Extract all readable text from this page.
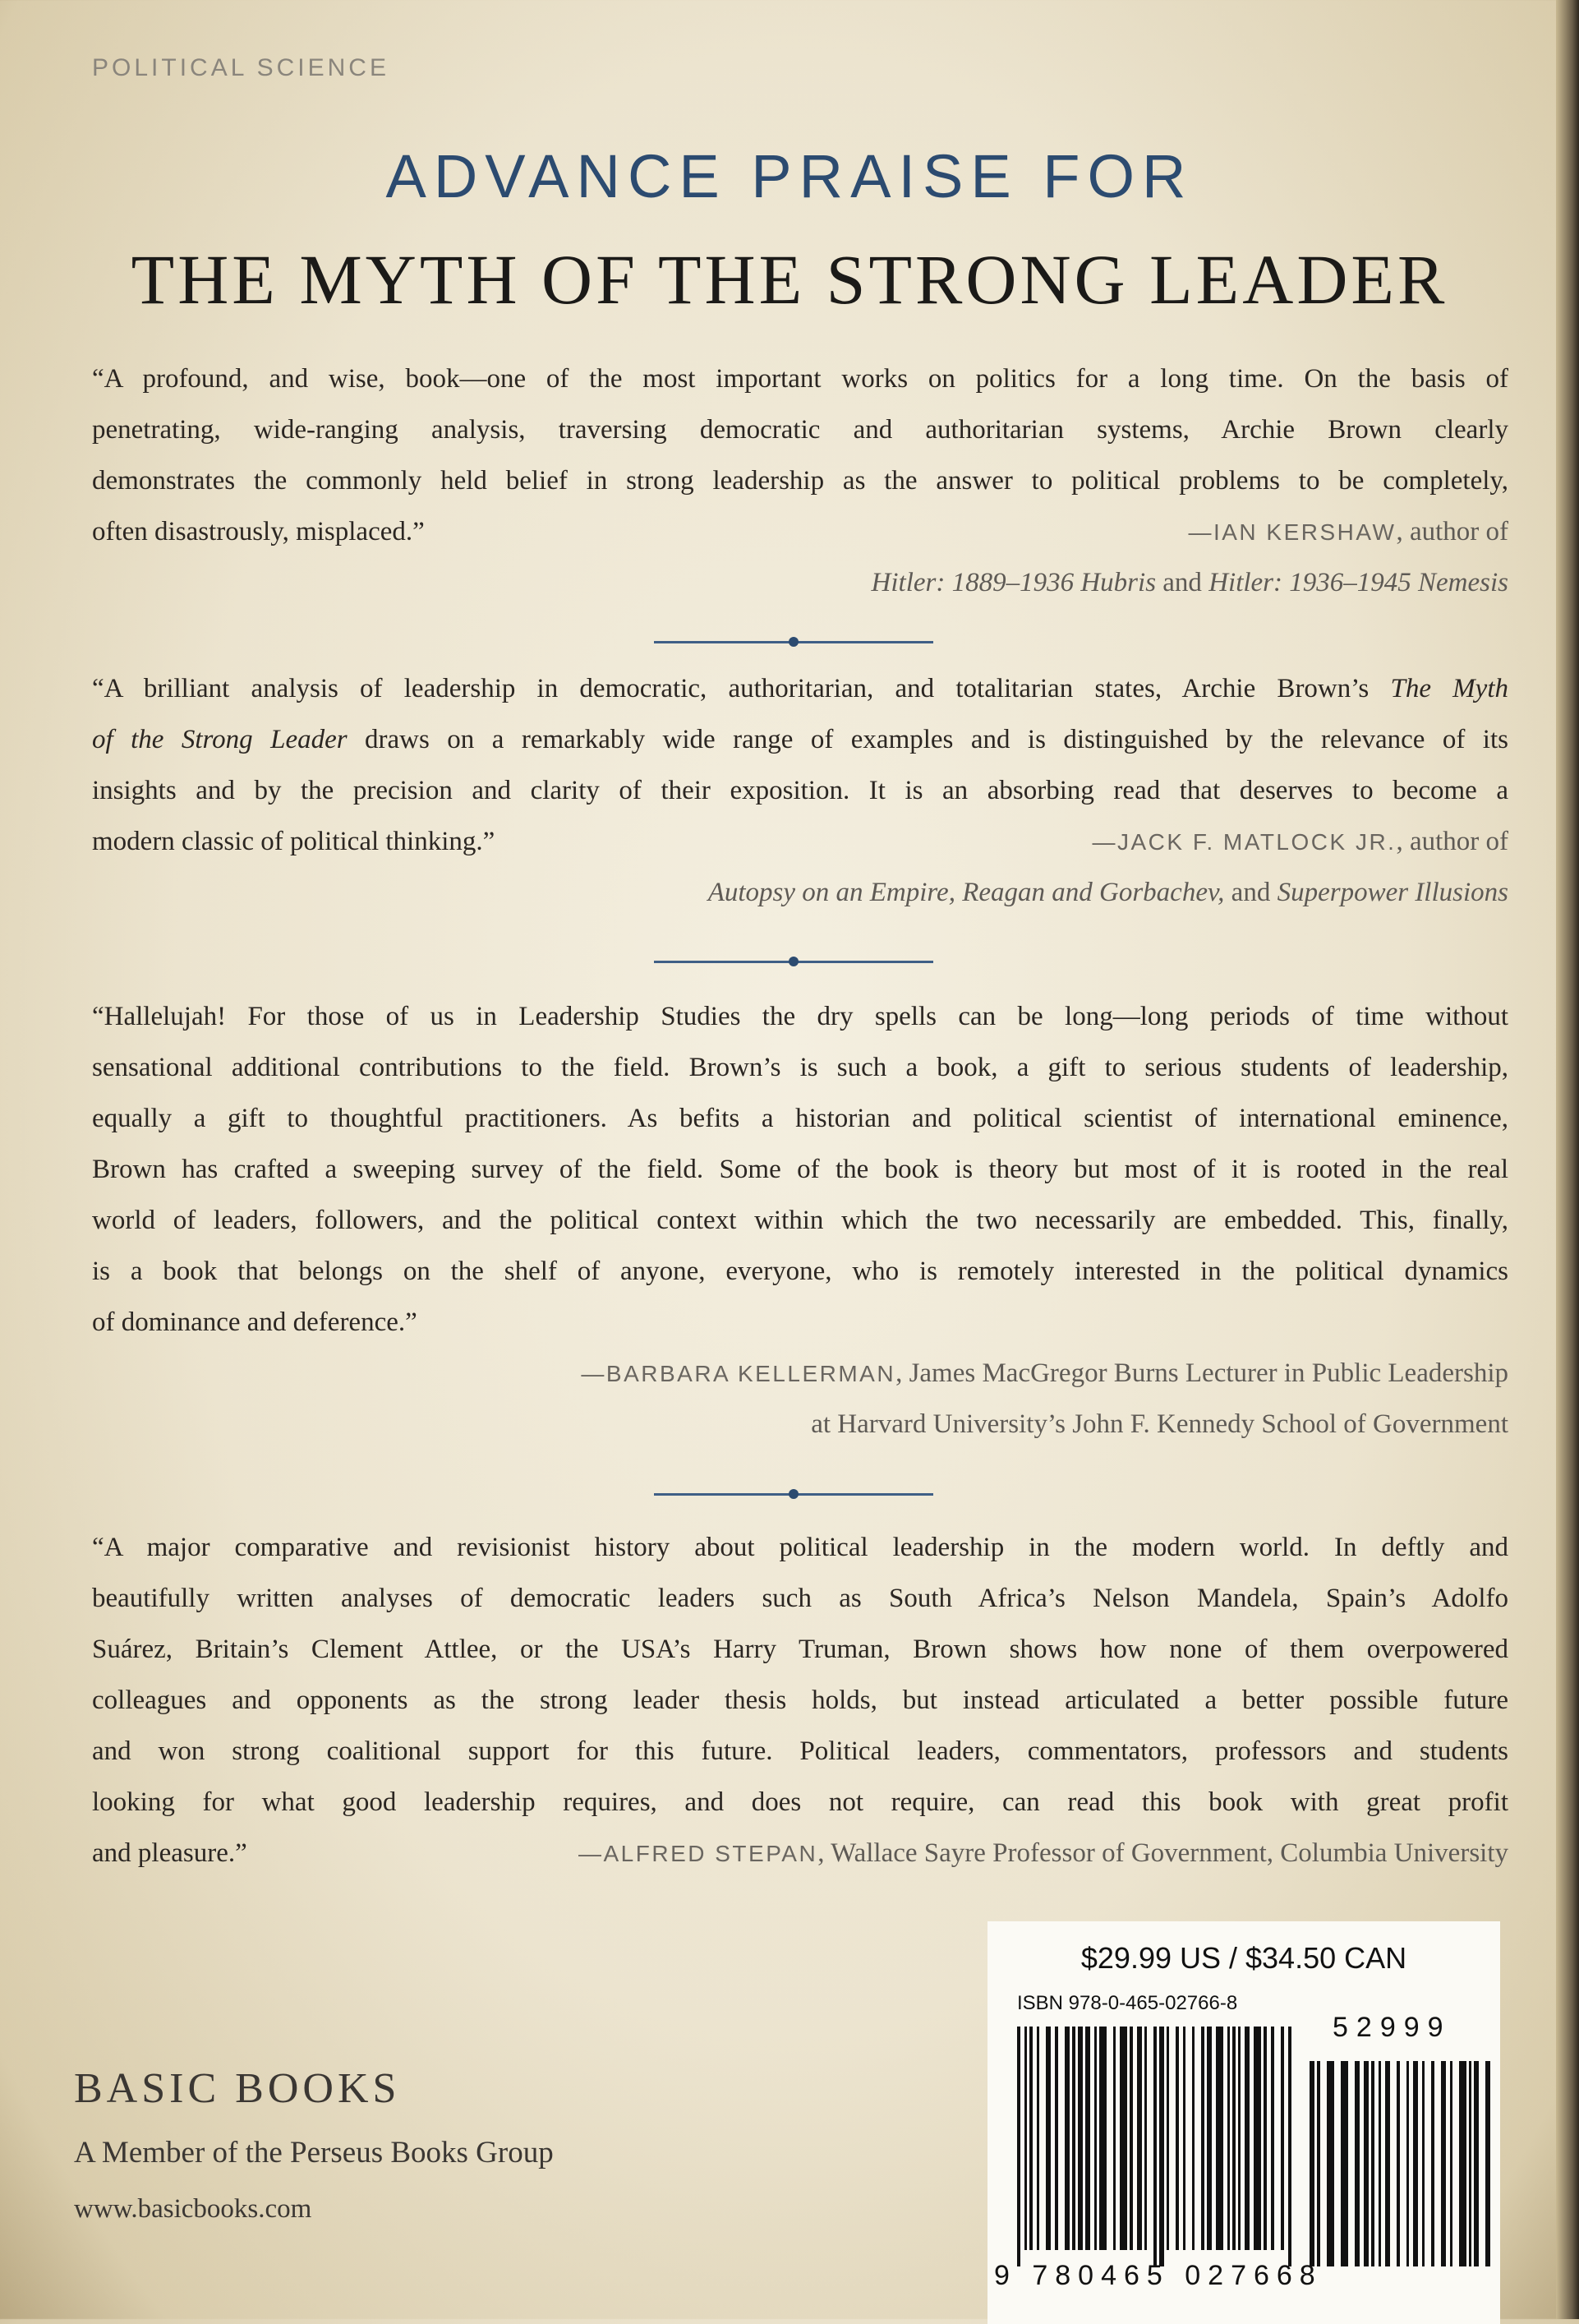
POLITICAL SCIENCE
ADVANCE PRAISE FOR
THE MYTH OF THE STRONG LEADER
“A profound, and wise, book—one of the most important works on politics for a long time. On the basis of
penetrating, wide-ranging analysis, traversing democratic and authoritarian systems, Archie Brown clearly
demonstrates the commonly held belief in strong leadership as the answer to political problems to be completely,
often disastrously, misplaced.”	—IAN KERSHAW, author of
Hitler: 1889–1936 Hubris and Hitler: 1936–1945 Nemesis
“A brilliant analysis of leadership in democratic, authoritarian, and totalitarian states, Archie Brown’s The Myth
of the Strong Leader draws on a remarkably wide range of examples and is distinguished by the relevance of its
insights and by the precision and clarity of their exposition. It is an absorbing read that deserves to become a
modern classic of political thinking.”	—JACK F. MATLOCK JR., author of
Autopsy on an Empire, Reagan and Gorbachev, and Superpower Illusions
“Hallelujah! For those of us in Leadership Studies the dry spells can be long—long periods of time without
sensational additional contributions to the field. Brown’s is such a book, a gift to serious students of leadership,
equally a gift to thoughtful practitioners. As befits a historian and political scientist of international eminence,
Brown has crafted a sweeping survey of the field. Some of the book is theory but most of it is rooted in the real
world of leaders, followers, and the political context within which the two necessarily are embedded. This, finally,
is a book that belongs on the shelf of anyone, everyone, who is remotely interested in the political dynamics
of dominance and deference.”
—BARBARA KELLERMAN, James MacGregor Burns Lecturer in Public Leadership
at Harvard University’s John F. Kennedy School of Government
“A major comparative and revisionist history about political leadership in the modern world. In deftly and
beautifully written analyses of democratic leaders such as South Africa’s Nelson Mandela, Spain’s Adolfo
Suárez, Britain’s Clement Attlee, or the USA’s Harry Truman, Brown shows how none of them overpowered
colleagues and opponents as the strong leader thesis holds, but instead articulated a better possible future
and won strong coalitional support for this future. Political leaders, commentators, professors and students
looking for what good leadership requires, and does not require, can read this book with great profit
and pleasure.”	—ALFRED STEPAN, Wallace Sayre Professor of Government, Columbia University
BASIC BOOKS
A Member of the Perseus Books Group
www.basicbooks.com
$29.99 US / $34.50 CAN
ISBN 978-0-465-02766-8
52999
9 780465 027668
